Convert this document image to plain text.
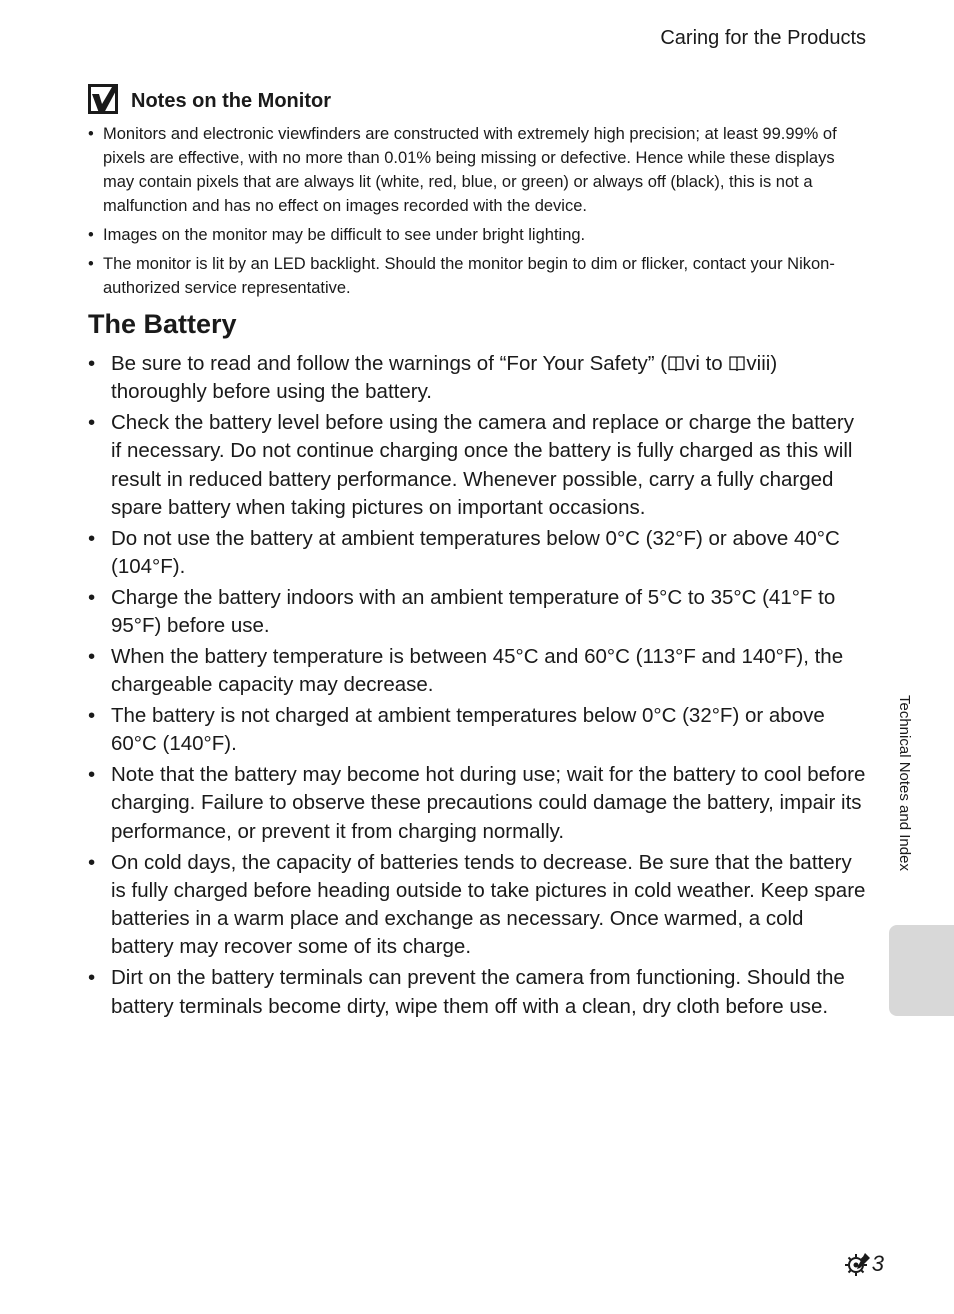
Caring for the Products
Notes on the Monitor
• Monitors and electronic viewfinders are constructed with extremely high precision; at least 99.99% of pixels are effective, with no more than 0.01% being missing or defective. Hence while these displays may contain pixels that are always lit (white, red, blue, or green) or always off (black), this is not a malfunction and has no effect on images recorded with the device.
• Images on the monitor may be difficult to see under bright lighting.
• The monitor is lit by an LED backlight. Should the monitor begin to dim or flicker, contact your Nikon-authorized service representative.
The Battery
• Be sure to read and follow the warnings of “For Your Safety” ( vi to viii) thoroughly before using the battery.
• Check the battery level before using the camera and replace or charge the battery if necessary. Do not continue charging once the battery is fully charged as this will result in reduced battery performance. Whenever possible, carry a fully charged spare battery when taking pictures on important occasions.
• Do not use the battery at ambient temperatures below 0°C (32°F) or above 40°C (104°F).
• Charge the battery indoors with an ambient temperature of 5°C to 35°C (41°F to 95°F) before use.
• When the battery temperature is between 45°C and 60°C (113°F and 140°F), the chargeable capacity may decrease.
• The battery is not charged at ambient temperatures below 0°C (32°F) or above 60°C (140°F).
• Note that the battery may become hot during use; wait for the battery to cool before charging. Failure to observe these precautions could damage the battery, impair its performance, or prevent it from charging normally.
• On cold days, the capacity of batteries tends to decrease. Be sure that the battery is fully charged before heading outside to take pictures in cold weather. Keep spare batteries in a warm place and exchange as necessary. Once warmed, a cold battery may recover some of its charge.
• Dirt on the battery terminals can prevent the camera from functioning. Should the battery terminals become dirty, wipe them off with a clean, dry cloth before use.
Technical Notes and Index
3
